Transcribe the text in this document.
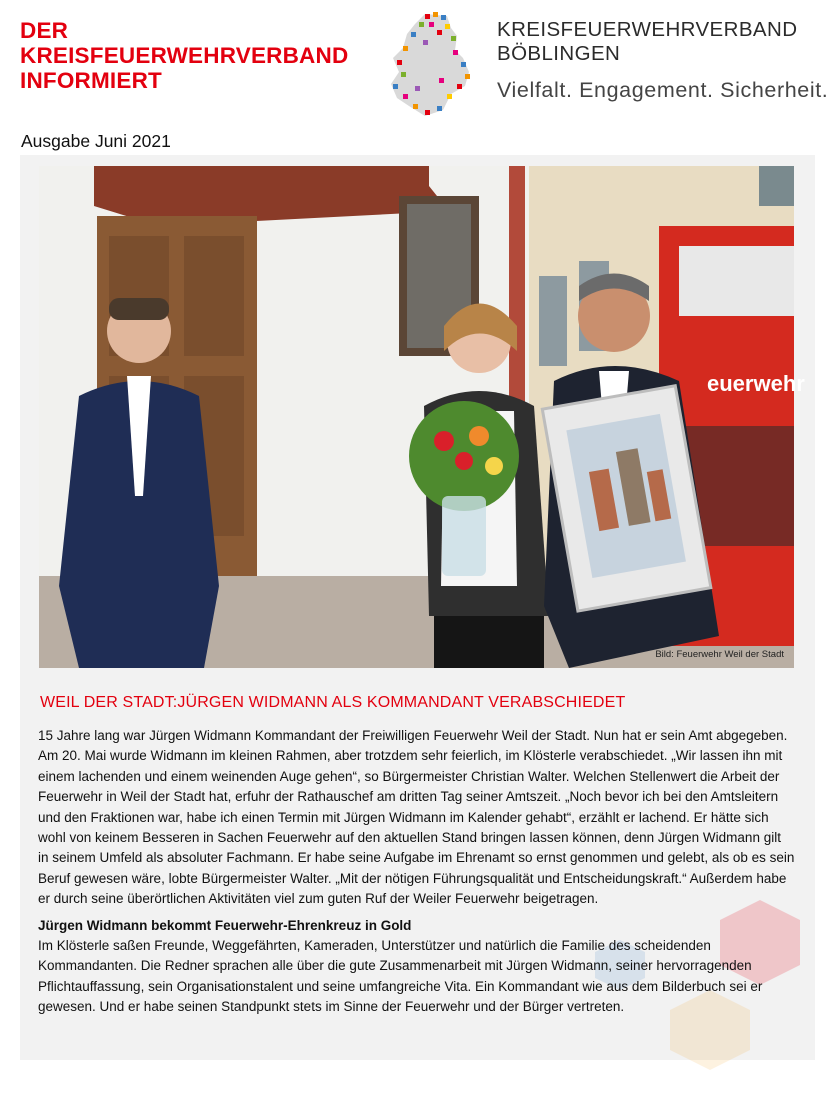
DER
KREISFEUERWEHRVERBAND
INFORMIERT
KREISFEUERWEHRVERBAND
BÖBLINGEN
Vielfalt. Engagement. Sicherheit.
Ausgabe Juni 2021
euerwehr
Bild: Feuerwehr Weil der Stadt
WEIL DER STADT:JÜRGEN WIDMANN ALS KOMMANDANT VERABSCHIEDET

15 Jahre lang war Jürgen Widmann Kommandant der Freiwilligen Feuerwehr Weil der Stadt. Nun hat er sein Amt abgegeben. Am 20. Mai wurde Widmann im kleinen Rahmen, aber trotzdem sehr feierlich, im Klösterle verabschiedet. „Wir lassen ihn mit einem lachenden und einem weinenden Auge gehen“, so Bürgermeister Christian Walter. Welchen Stellenwert die Arbeit der Feuerwehr in Weil der Stadt hat, erfuhr der Rathauschef am dritten Tag seiner Amtszeit. „Noch bevor ich bei den Amtsleitern und den Fraktionen war, habe ich einen Termin mit Jürgen Widmann im Kalender gehabt“, erzählt er lachend. Er hätte sich wohl von keinem Besseren in Sachen Feuerwehr auf den aktuellen Stand bringen lassen können, denn Jürgen Widmann gilt in seinem Umfeld als absoluter Fachmann. Er habe seine Aufgabe im Ehrenamt so ernst genommen und gelebt, als ob es sein Beruf gewesen wäre, lobte Bürgermeister Walter. „Mit der nötigen Führungsqualität und Entscheidungskraft.“ Außerdem habe er durch seine überörtlichen Aktivitäten viel zum guten Ruf der Weiler Feuerwehr beigetragen.

Jürgen Widmann bekommt Feuerwehr-Ehrenkreuz in Gold

Im Klösterle saßen Freunde, Weggefährten, Kameraden, Unterstützer und natürlich die Familie des scheidenden Kommandanten. Die Redner sprachen alle über die gute Zusammenarbeit mit Jürgen Widmann, seiner hervorragenden Pflichtauffassung, sein Organisationstalent und seine umfangreiche Vita. Ein Kommandant wie aus dem Bilderbuch sei er gewesen. Und er habe seinen Standpunkt stets im Sinne der Feuerwehr und der Bürger vertreten.
